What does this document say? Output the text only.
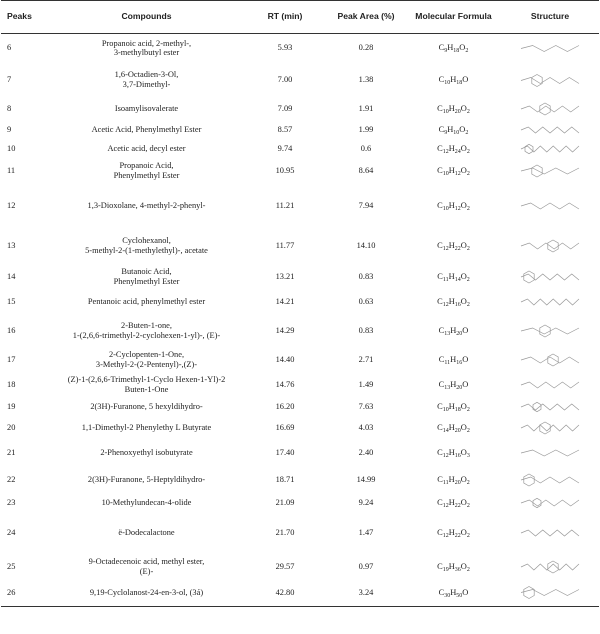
Peaks	Compounds	RT (min)	Peak Area (%)	Molecular Formula	Structure
6	Propanoic acid, 2-methyl-,
3-methylbutyl ester	5.93	0.28	$C_9H_{18}O_2$	

7	1,6-Octadien-3-Ol,
3,7-Dimethyl-	7.00	1.38	$C_{10}H_{18}O$	

8	Isoamylisovalerate	7.09	1.91	$C_{10}H_{20}O_2$	

9	Acetic Acid, Phenylmethyl Ester	8.57	1.99	$C_9H_{10}O_2$	

10	Acetic acid, decyl ester	9.74	0.6	$C_{12}H_{24}O_2$	

11	Propanoic Acid,
Phenylmethyl Ester	10.95	8.64	$C_{10}H_{12}O_2$	

12	1,3-Dioxolane, 4-methyl-2-phenyl-	11.21	7.94	$C_{10}H_{12}O_2$	

13	Cyclohexanol,
5-methyl-2-(1-methylethyl)-, acetate	11.77	14.10	$C_{12}H_{22}O_2$	

14	Butanoic Acid,
Phenylmethyl Ester	13.21	0.83	$C_{11}H_{14}O_2$	

15	Pentanoic acid, phenylmethyl ester	14.21	0.63	$C_{12}H_{16}O_2$	

16	2-Buten-1-one,
1-(2,6,6-trimethyl-2-cyclohexen-1-yl)-, (E)-	14.29	0.83	$C_{13}H_{20}O$	

17	2-Cyclopenten-1-One,
3-Methyl-2-(2-Pentenyl)-,(Z)-	14.40	2.71	$C_{11}H_{16}O$	

18	(Z)-1-(2,6,6-Trimethyl-1-Cyclo Hexen-1-Yl)-2
Buten-1-One	14.76	1.49	$C_{13}H_{20}O$	

19	2(3H)-Furanone, 5 hexyldihydro-	16.20	7.63	$C_{10}H_{18}O_2$	

20	1,1-Dimethyl-2 Phenylethy L Butyrate	16.69	4.03	$C_{14}H_{20}O_2$	

21	2-Phenoxyethyl isobutyrate	17.40	2.40	$C_{12}H_{16}O_3$	

22	2(3H)-Furanone, 5-Heptyldihydro-	18.71	14.99	$C_{11}H_{20}O_2$	

23	10-Methylundecan-4-olide	21.09	9.24	$C_{12}H_{22}O_2$	

24	ë-Dodecalactone	21.70	1.47	$C_{12}H_{22}O_2$	

25	9-Octadecenoic acid, methyl ester,
(E)-	29.57	0.97	$C_{19}H_{36}O_2$	

26	9,19-Cyclolanost-24-en-3-ol, (3á)	42.80	3.24	$C_{30}H_{50}O$	
